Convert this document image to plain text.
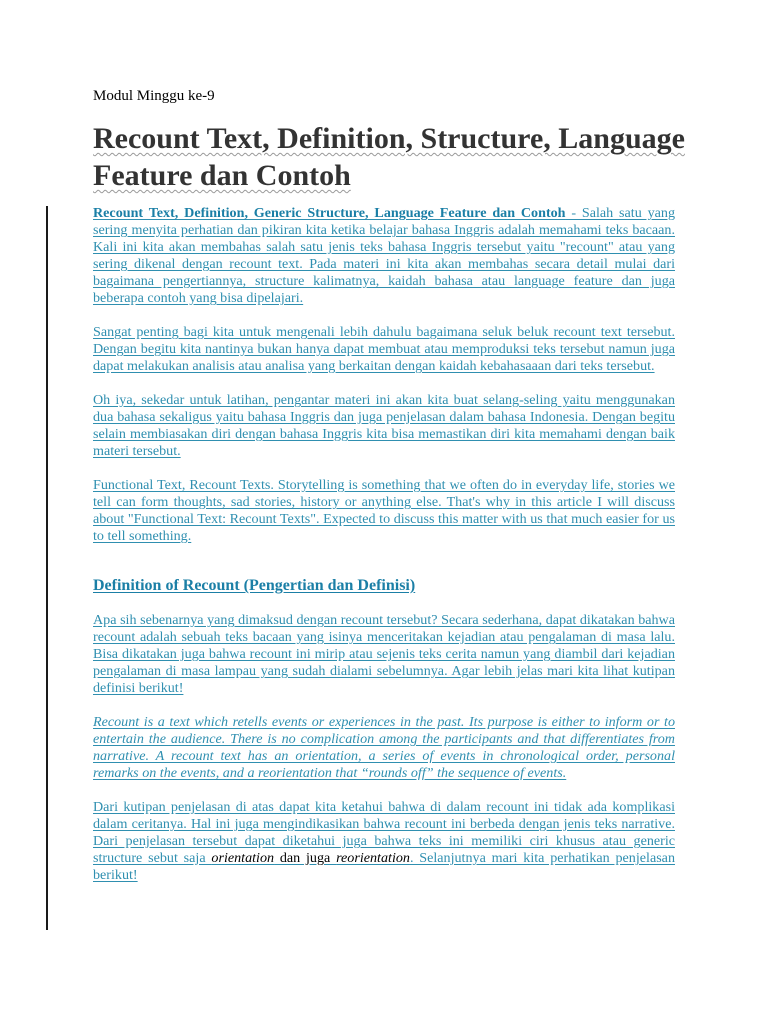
Modul Minggu ke-9
Recount Text, Definition, Structure, Language Feature dan Contoh

Recount Text, Definition, Generic Structure, Language Feature dan Contoh - Salah satu yang sering menyita perhatian dan pikiran kita ketika belajar bahasa Inggris adalah memahami teks bacaan. Kali ini kita akan membahas salah satu jenis teks bahasa Inggris tersebut yaitu "recount" atau yang sering dikenal dengan recount text. Pada materi ini kita akan membahas secara detail mulai dari bagaimana pengertiannya, structure kalimatnya, kaidah bahasa atau language feature dan juga beberapa contoh yang bisa dipelajari.

Sangat penting bagi kita untuk mengenali lebih dahulu bagaimana seluk beluk recount text tersebut. Dengan begitu kita nantinya bukan hanya dapat membuat atau memproduksi teks tersebut namun juga dapat melakukan analisis atau analisa yang berkaitan dengan kaidah kebahasaaan dari teks tersebut.

Oh iya, sekedar untuk latihan, pengantar materi ini akan kita buat selang-seling yaitu menggunakan dua bahasa sekaligus yaitu bahasa Inggris dan juga penjelasan dalam bahasa Indonesia. Dengan begitu selain membiasakan diri dengan bahasa Inggris kita bisa memastikan diri kita memahami dengan baik materi tersebut.

Functional Text, Recount Texts. Storytelling is something that we often do in everyday life, stories we tell can form thoughts, sad stories, history or anything else. That's why in this article I will discuss about "Functional Text: Recount Texts". Expected to discuss this matter with us that much easier for us to tell something.

Definition of Recount (Pengertian dan Definisi)

Apa sih sebenarnya yang dimaksud dengan recount tersebut? Secara sederhana, dapat dikatakan bahwa recount adalah sebuah teks bacaan yang isinya menceritakan kejadian atau pengalaman di masa lalu. Bisa dikatakan juga bahwa recount ini mirip atau sejenis teks cerita namun yang diambil dari kejadian pengalaman di masa lampau yang sudah dialami sebelumnya. Agar lebih jelas mari kita lihat kutipan definisi berikut!

Recount is a text which retells events or experiences in the past. Its purpose is either to inform or to entertain the audience. There is no complication among the participants and that differentiates from narrative. A recount text has an orientation, a series of events in chronological order, personal remarks on the events, and a reorientation that “rounds off” the sequence of events.

Dari kutipan penjelasan di atas dapat kita ketahui bahwa di dalam recount ini tidak ada komplikasi dalam ceritanya. Hal ini juga mengindikasikan bahwa recount ini berbeda dengan jenis teks narrative. Dari penjelasan tersebut dapat diketahui juga bahwa teks ini memiliki ciri khusus atau generic structure sebut saja orientation dan juga reorientation. Selanjutnya mari kita perhatikan penjelasan berikut!
